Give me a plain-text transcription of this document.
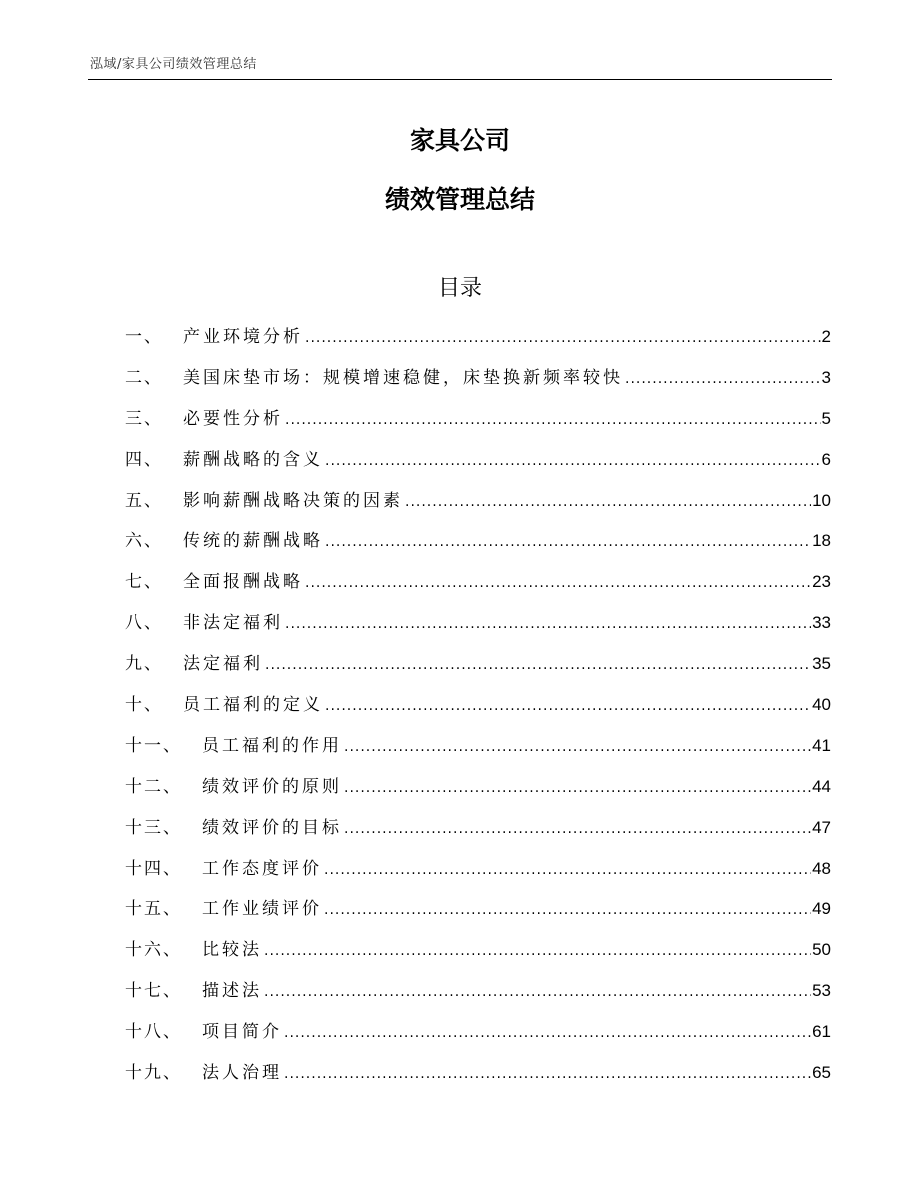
泓域/家具公司绩效管理总结
家具公司
绩效管理总结
目录
一、 产业环境分析 .....	2
二、 美国床垫市场：规模增速稳健，床垫换新频率较快 .....	3
三、 必要性分析 .....	5
四、 薪酬战略的含义 .....	6
五、 影响薪酬战略决策的因素 .....	10
六、 传统的薪酬战略 .....	18
七、 全面报酬战略 .....	23
八、 非法定福利 .....	33
九、 法定福利 .....	35
十、 员工福利的定义 .....	40
十一、 员工福利的作用 .....	41
十二、 绩效评价的原则 .....	44
十三、 绩效评价的目标 .....	47
十四、 工作态度评价 .....	48
十五、 工作业绩评价 .....	49
十六、 比较法 .....	50
十七、 描述法 .....	53
十八、 项目简介 .....	61
十九、 法人治理 .....	65
